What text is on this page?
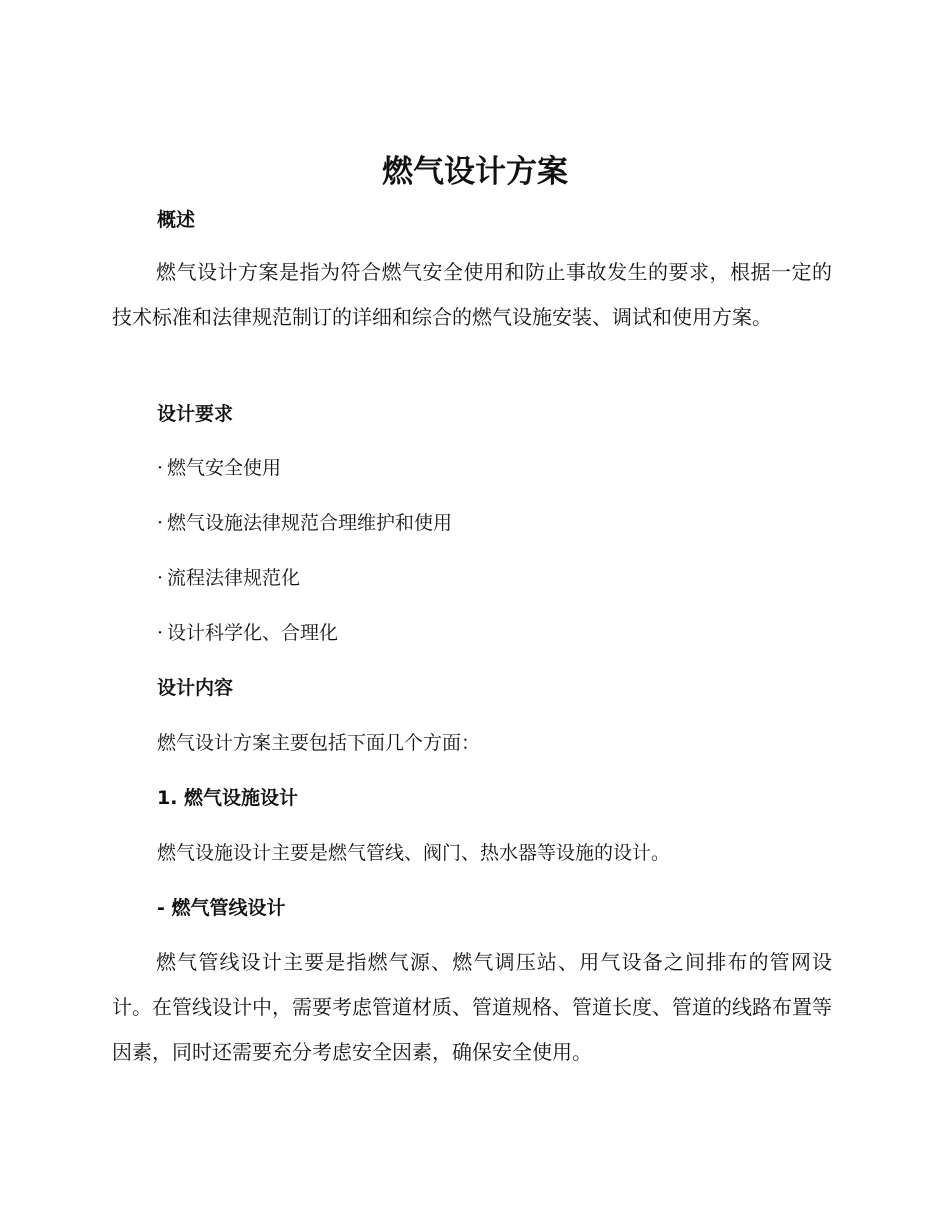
燃气设计方案
概述
燃气设计方案是指为符合燃气安全使用和防止事故发生的要求，根据一定的技术标准和法律规范制订的详细和综合的燃气设施安装、调试和使用方案。
设计要求
· 燃气安全使用
· 燃气设施法律规范合理维护和使用
· 流程法律规范化
· 设计科学化、合理化
设计内容
燃气设计方案主要包括下面几个方面：
1. 燃气设施设计
燃气设施设计主要是燃气管线、阀门、热水器等设施的设计。
- 燃气管线设计
燃气管线设计主要是指燃气源、燃气调压站、用气设备之间排布的管网设计。在管线设计中，需要考虑管道材质、管道规格、管道长度、管道的线路布置等因素，同时还需要充分考虑安全因素，确保安全使用。
